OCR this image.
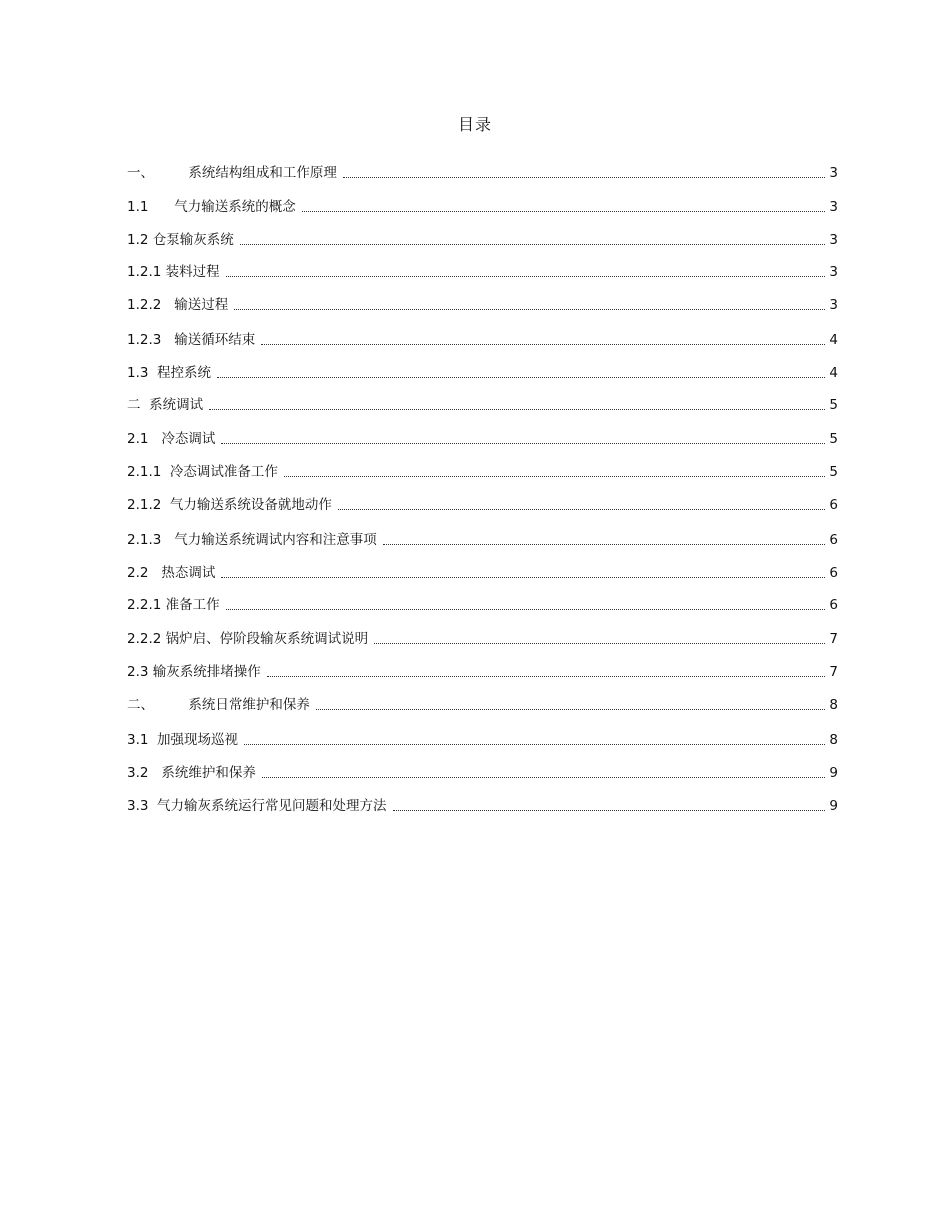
目录
一、        系统结构组成和工作原理	3
1.1      气力输送系统的概念	3
1.2 仓泵输灰系统	3
1.2.1 装料过程	3
1.2.2   输送过程	3
1.2.3   输送循环结束	4
1.3  程控系统	4
二  系统调试	5
2.1   冷态调试	5
2.1.1  冷态调试准备工作	5
2.1.2  气力输送系统设备就地动作	6
2.1.3   气力输送系统调试内容和注意事项	6
2.2   热态调试	6
2.2.1 准备工作	6
2.2.2 锅炉启、停阶段输灰系统调试说明	7
2.3 输灰系统排堵操作	7
二、        系统日常维护和保养	8
3.1  加强现场巡视	8
3.2   系统维护和保养	9
3.3  气力输灰系统运行常见问题和处理方法	9
